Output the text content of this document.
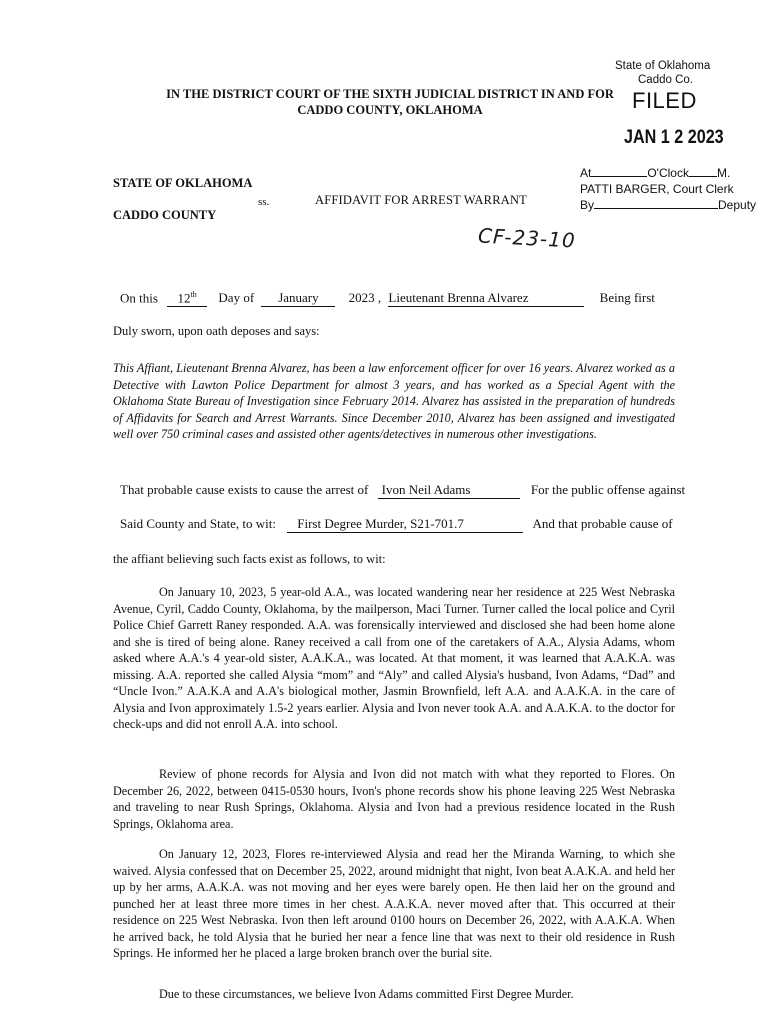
State of Oklahoma
Caddo Co.
FILED
JAN 1 2 2023
At	O'Clock M.
PATTI BARGER, Court Clerk
By	Deputy
IN THE DISTRICT COURT OF THE SIXTH JUDICIAL DISTRICT IN AND FOR
CADDO COUNTY, OKLAHOMA
STATE OF OKLAHOMA
ss.
CADDO COUNTY
AFFIDAVIT FOR ARREST WARRANT
CF-23-10
On this 12th Day of January 2023 , Lieutenant Brenna Alvarez	Being first
Duly sworn, upon oath deposes and says:
This Affiant, Lieutenant Brenna Alvarez, has been a law enforcement officer for over 16 years. Alvarez worked as a Detective with Lawton Police Department for almost 3 years, and has worked as a Special Agent with the Oklahoma State Bureau of Investigation since February 2014. Alvarez has assisted in the preparation of hundreds of Affidavits for Search and Arrest Warrants. Since December 2010, Alvarez has been assigned and investigated well over 750 criminal cases and assisted other agents/detectives in numerous other investigations.
That probable cause exists to cause the arrest of Ivon Neil Adams	For the public offense against
Said County and State, to wit: First Degree Murder, S21-701.7	And that probable cause of
the affiant believing such facts exist as follows, to wit:
On January 10, 2023, 5 year-old A.A., was located wandering near her residence at 225 West Nebraska Avenue, Cyril, Caddo County, Oklahoma, by the mailperson, Maci Turner. Turner called the local police and Cyril Police Chief Garrett Raney responded. A.A. was forensically interviewed and disclosed she had been home alone and she is tired of being alone. Raney received a call from one of the caretakers of A.A., Alysia Adams, whom asked where A.A.'s 4 year-old sister, A.A.K.A., was located. At that moment, it was learned that A.A.K.A. was missing. A.A. reported she called Alysia “mom” and “Aly” and called Alysia's husband, Ivon Adams, “Dad” and “Uncle Ivon.” A.A.K.A and A.A's biological mother, Jasmin Brownfield, left A.A. and A.A.K.A. in the care of Alysia and Ivon approximately 1.5-2 years earlier. Alysia and Ivon never took A.A. and A.A.K.A. to the doctor for check-ups and did not enroll A.A. into school.
Review of phone records for Alysia and Ivon did not match with what they reported to Flores. On December 26, 2022, between 0415-0530 hours, Ivon's phone records show his phone leaving 225 West Nebraska and traveling to near Rush Springs, Oklahoma. Alysia and Ivon had a previous residence located in the Rush Springs, Oklahoma area.
On January 12, 2023, Flores re-interviewed Alysia and read her the Miranda Warning, to which she waived. Alysia confessed that on December 25, 2022, around midnight that night, Ivon beat A.A.K.A. and held her up by her arms, A.A.K.A. was not moving and her eyes were barely open. He then laid her on the ground and punched her at least three more times in her chest. A.A.K.A. never moved after that. This occurred at their residence on 225 West Nebraska. Ivon then left around 0100 hours on December 26, 2022, with A.A.K.A. When he arrived back, he told Alysia that he buried her near a fence line that was next to their old residence in Rush Springs. He informed her he placed a large broken branch over the burial site.
Due to these circumstances, we believe Ivon Adams committed First Degree Murder.
